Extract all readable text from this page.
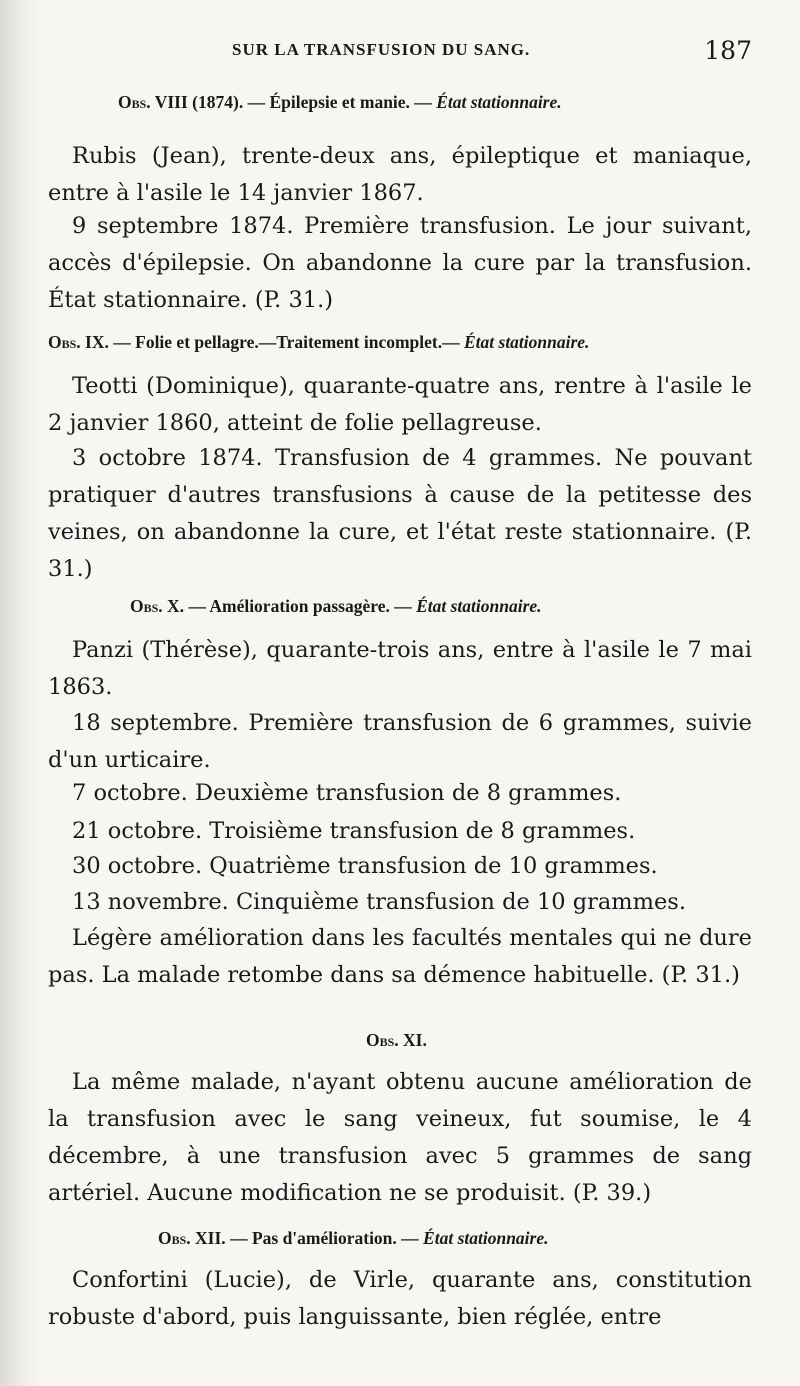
SUR LA TRANSFUSION DU SANG.	187
Obs. VIII (1874). — Épilepsie et manie. — État stationnaire.

Rubis (Jean), trente-deux ans, épileptique et maniaque, entre à l'asile le 14 janvier 1867.

9 septembre 1874. Première transfusion. Le jour suivant, accès d'épilepsie. On abandonne la cure par la transfusion. État stationnaire. (P. 31.)

Obs. IX. — Folie et pellagre.—Traitement incomplet.— État stationnaire.

Teotti (Dominique), quarante-quatre ans, rentre à l'asile le 2 janvier 1860, atteint de folie pellagreuse.

3 octobre 1874. Transfusion de 4 grammes. Ne pouvant pratiquer d'autres transfusions à cause de la petitesse des veines, on abandonne la cure, et l'état reste stationnaire. (P. 31.)

Obs. X. — Amélioration passagère. — État stationnaire.

Panzi (Thérèse), quarante-trois ans, entre à l'asile le 7 mai 1863.

18 septembre. Première transfusion de 6 grammes, suivie d'un urticaire.

7 octobre. Deuxième transfusion de 8 grammes.

21 octobre. Troisième transfusion de 8 grammes.

30 octobre. Quatrième transfusion de 10 grammes.

13 novembre. Cinquième transfusion de 10 grammes.

Légère amélioration dans les facultés mentales qui ne dure pas. La malade retombe dans sa démence habituelle. (P. 31.)

Obs. XI.

La même malade, n'ayant obtenu aucune amélioration de la transfusion avec le sang veineux, fut soumise, le 4 décembre, à une transfusion avec 5 grammes de sang artériel. Aucune modification ne se produisit. (P. 39.)

Obs. XII. — Pas d'amélioration. — État stationnaire.

Confortini (Lucie), de Virle, quarante ans, constitution robuste d'abord, puis languissante, bien réglée, entre
